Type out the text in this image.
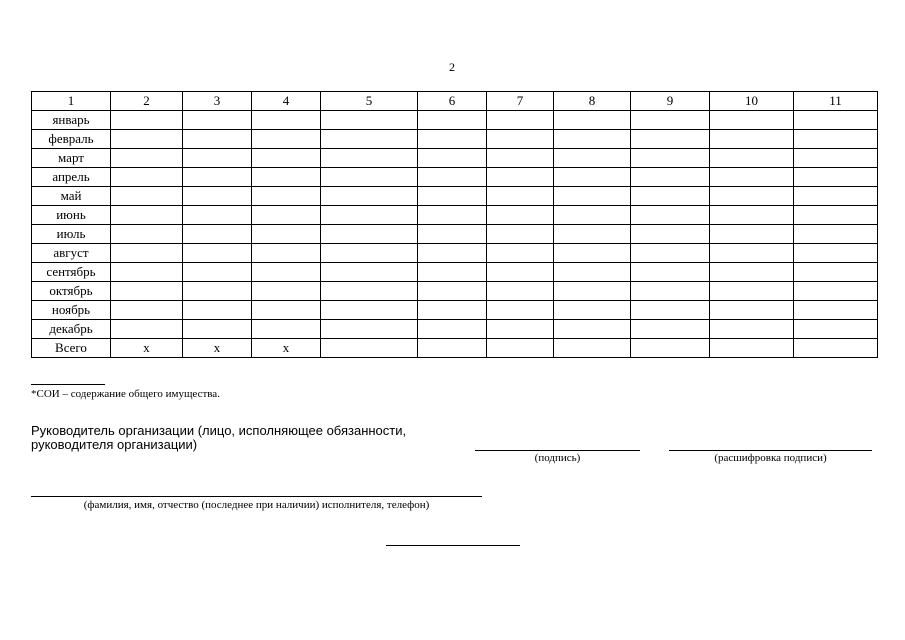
2
1	2	3	4	5	6	7	8	9	10	11
январь										
февраль										
март										
апрель										
май										
июнь										
июль										
август										
сентябрь										
октябрь										
ноябрь										
декабрь										
Всего	х	х	х							
*СОИ – содержание общего имущества.
Руководитель организации (лицо, исполняющее обязанности, руководителя организации)
(подпись)	(расшифровка подписи)
(фамилия, имя, отчество (последнее при наличии) исполнителя, телефон)
